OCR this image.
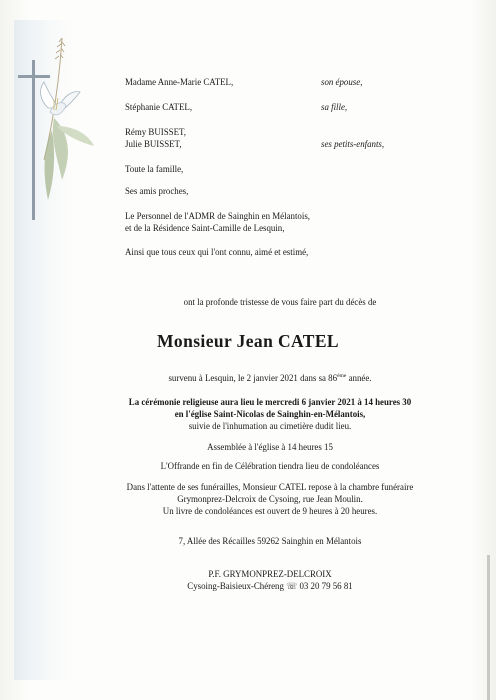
Madame Anne-Marie CATEL,	son épouse,
Stéphanie CATEL,	sa fille,
Rémy BUISSET,
Julie BUISSET,	ses petits-enfants,
Toute la famille,
Ses amis proches,
Le Personnel de l'ADMR de Sainghin en Mélantois,
et de la Résidence Saint-Camille de Lesquin,
Ainsi que tous ceux qui l'ont connu, aimé et estimé,
ont la profonde tristesse de vous faire part du décès de
Monsieur Jean CATEL
survenu à Lesquin, le 2 janvier 2021 dans sa 86ème année.
La cérémonie religieuse aura lieu le mercredi 6 janvier 2021 à 14 heures 30
en l'église Saint-Nicolas de Sainghin-en-Mélantois,
suivie de l'inhumation au cimetière dudit lieu.
Assemblée à l'église à 14 heures 15
L'Offrande en fin de Célébration tiendra lieu de condoléances
Dans l'attente de ses funérailles, Monsieur CATEL repose à la chambre funéraire
Grymonprez-Delcroix de Cysoing, rue Jean Moulin.
Un livre de condoléances est ouvert de 9 heures à 20 heures.
7, Allée des Récailles 59262 Sainghin en Mélantois
P.F. GRYMONPREZ-DELCROIX
Cysoing-Baisieux-Chéreng ☏ 03 20 79 56 81
